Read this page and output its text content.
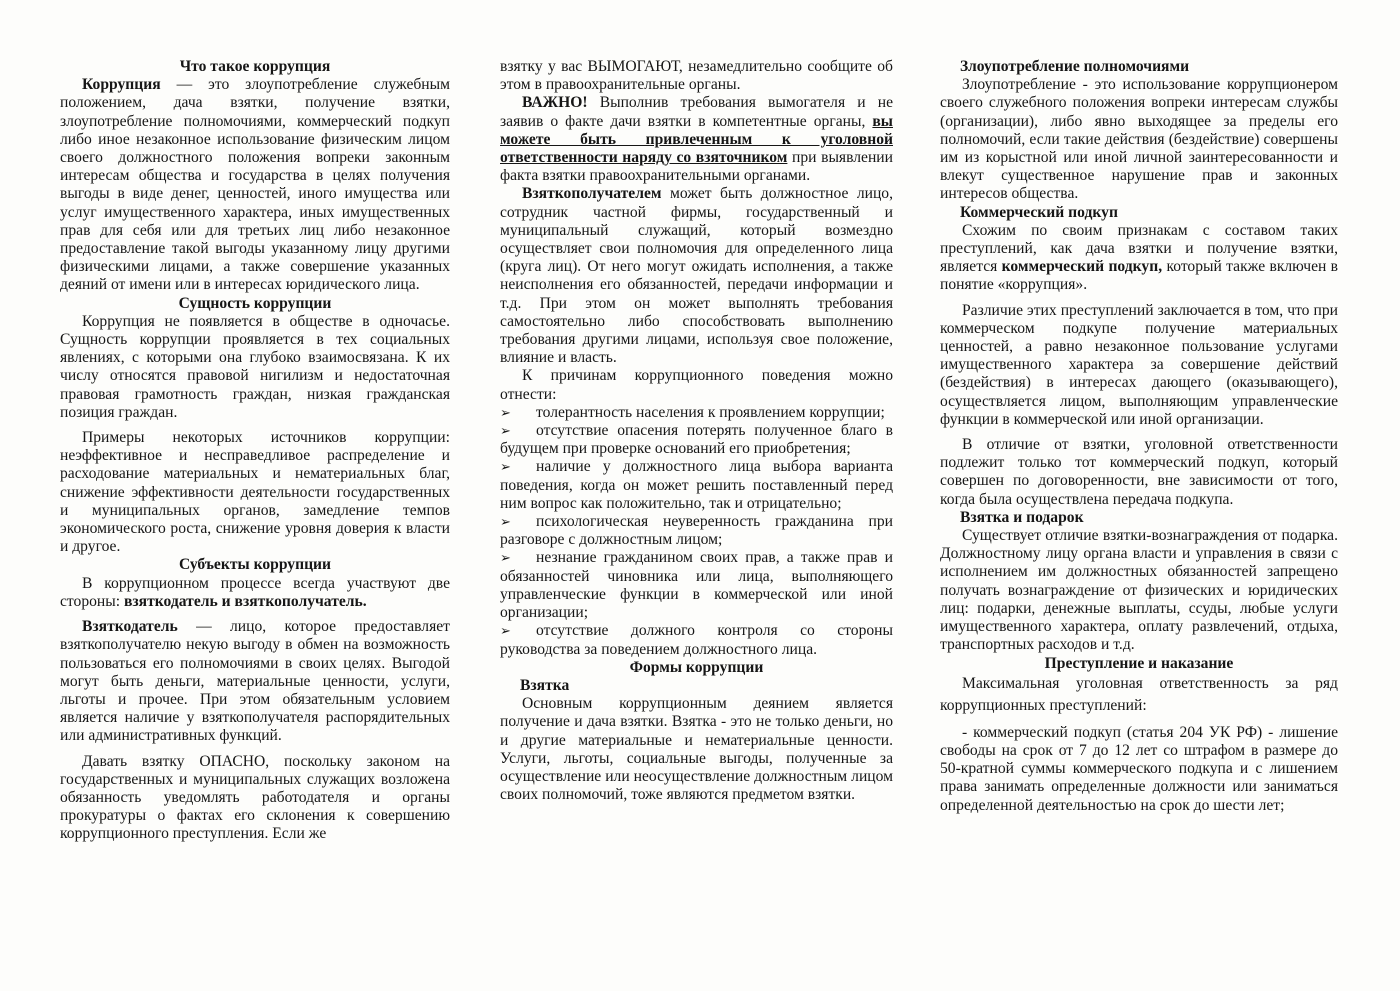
Что такое коррупция

Коррупция — это злоупотребление служебным положением, дача взятки, получение взятки, злоупотребление полномочиями, коммерческий подкуп либо иное незаконное использование физическим лицом своего должностного положения вопреки законным интересам общества и государства в целях получения выгоды в виде денег, ценностей, иного имущества или услуг имущественного характера, иных имущественных прав для себя или для третьих лиц либо незаконное предоставление такой выгоды указанному лицу другими физическими лицами, а также совершение указанных деяний от имени или в интересах юридического лица.

Сущность коррупции

Коррупция не появляется в обществе в одночасье. Сущность коррупции проявляется в тех социальных явлениях, с которыми она глубоко взаимосвязана. К их числу относятся правовой нигилизм и недостаточная правовая грамотность граждан, низкая гражданская позиция граждан.

Примеры некоторых источников коррупции: неэффективное и несправедливое распределение и расходование материальных и нематериальных благ, снижение эффективности деятельности государственных и муниципальных органов, замедление темпов экономического роста, снижение уровня доверия к власти и другое.

Субъекты коррупции

В коррупционном процессе всегда участвуют две стороны: взяткодатель и взяткополучатель.

Взяткодатель — лицо, которое предоставляет взяткополучателю некую выгоду в обмен на возможность пользоваться его полномочиями в своих целях. Выгодой могут быть деньги, материальные ценности, услуги, льготы и прочее. При этом обязательным условием является наличие у взяткополучателя распорядительных или административных функций.

Давать взятку ОПАСНО, поскольку законом на государственных и муниципальных служащих возложена обязанность уведомлять работодателя и органы прокуратуры о фактах его склонения к совершению коррупционного преступления. Если же

взятку у вас ВЫМОГАЮТ, незамедлительно сообщите об этом в правоохранительные органы.

ВАЖНО! Выполнив требования вымогателя и не заявив о факте дачи взятки в компетентные органы, вы можете быть привлеченным к уголовной ответственности наряду со взяточником при выявлении факта взятки правоохранительными органами.

Взяткополучателем может быть должностное лицо, сотрудник частной фирмы, государственный и муниципальный служащий, который возмездно осуществляет свои полномочия для определенного лица (круга лиц). От него могут ожидать исполнения, а также неисполнения его обязанностей, передачи информации и т.д. При этом он может выполнять требования самостоятельно либо способствовать выполнению требования другими лицами, используя свое положение, влияние и власть.

К причинам коррупционного поведения можно отнести:

➢	толерантность населения к проявлением коррупции;
➢	отсутствие опасения потерять полученное благо в будущем при проверке оснований его приобретения;
➢	наличие у должностного лица выбора варианта поведения, когда он может решить поставленный перед ним вопрос как положительно, так и отрицательно;
➢	психологическая неуверенность гражданина при разговоре с должностным лицом;
➢	незнание гражданином своих прав, а также прав и обязанностей чиновника или лица, выполняющего управленческие функции в коммерческой или иной организации;
➢	отсутствие должного контроля со стороны руководства за поведением должностного лица.
Формы коррупции
Взятка

Основным коррупционным деянием является получение и дача взятки. Взятка - это не только деньги, но и другие материальные и нематериальные ценности. Услуги, льготы, социальные выгоды, полученные за осуществление или неосуществление должностным лицом своих полномочий, тоже являются предметом взятки.

Злоупотребление полномочиями

Злоупотребление - это использование коррупционером своего служебного положения вопреки интересам службы (организации), либо явно выходящее за пределы его полномочий, если такие действия (бездействие) совершены им из корыстной или иной личной заинтересованности и влекут существенное нарушение прав и законных интересов общества.

Коммерческий подкуп

Схожим по своим признакам с составом таких преступлений, как дача взятки и получение взятки, является коммерческий подкуп, который также включен в понятие «коррупция».

Различие этих преступлений заключается в том, что при коммерческом подкупе получение материальных ценностей, а равно незаконное пользование услугами имущественного характера за совершение действий (бездействия) в интересах дающего (оказывающего), осуществляется лицом, выполняющим управленческие функции в коммерческой или иной организации.

В отличие от взятки, уголовной ответственности подлежит только тот коммерческий подкуп, который совершен по договоренности, вне зависимости от того, когда была осуществлена передача подкупа.

Взятка и подарок

Существует отличие взятки-вознаграждения от подарка. Должностному лицу органа власти и управления в связи с исполнением им должностных обязанностей запрещено получать вознаграждение от физических и юридических лиц: подарки, денежные выплаты, ссуды, любые услуги имущественного характера, оплату развлечений, отдыха, транспортных расходов и т.д.

Преступление и наказание

Максимальная уголовная ответственность за ряд коррупционных преступлений:

- коммерческий подкуп (статья 204 УК РФ) - лишение свободы на срок от 7 до 12 лет со штрафом в размере до 50-кратной суммы коммерческого подкупа и с лишением права занимать определенные должности или заниматься определенной деятельностью на срок до шести лет;
